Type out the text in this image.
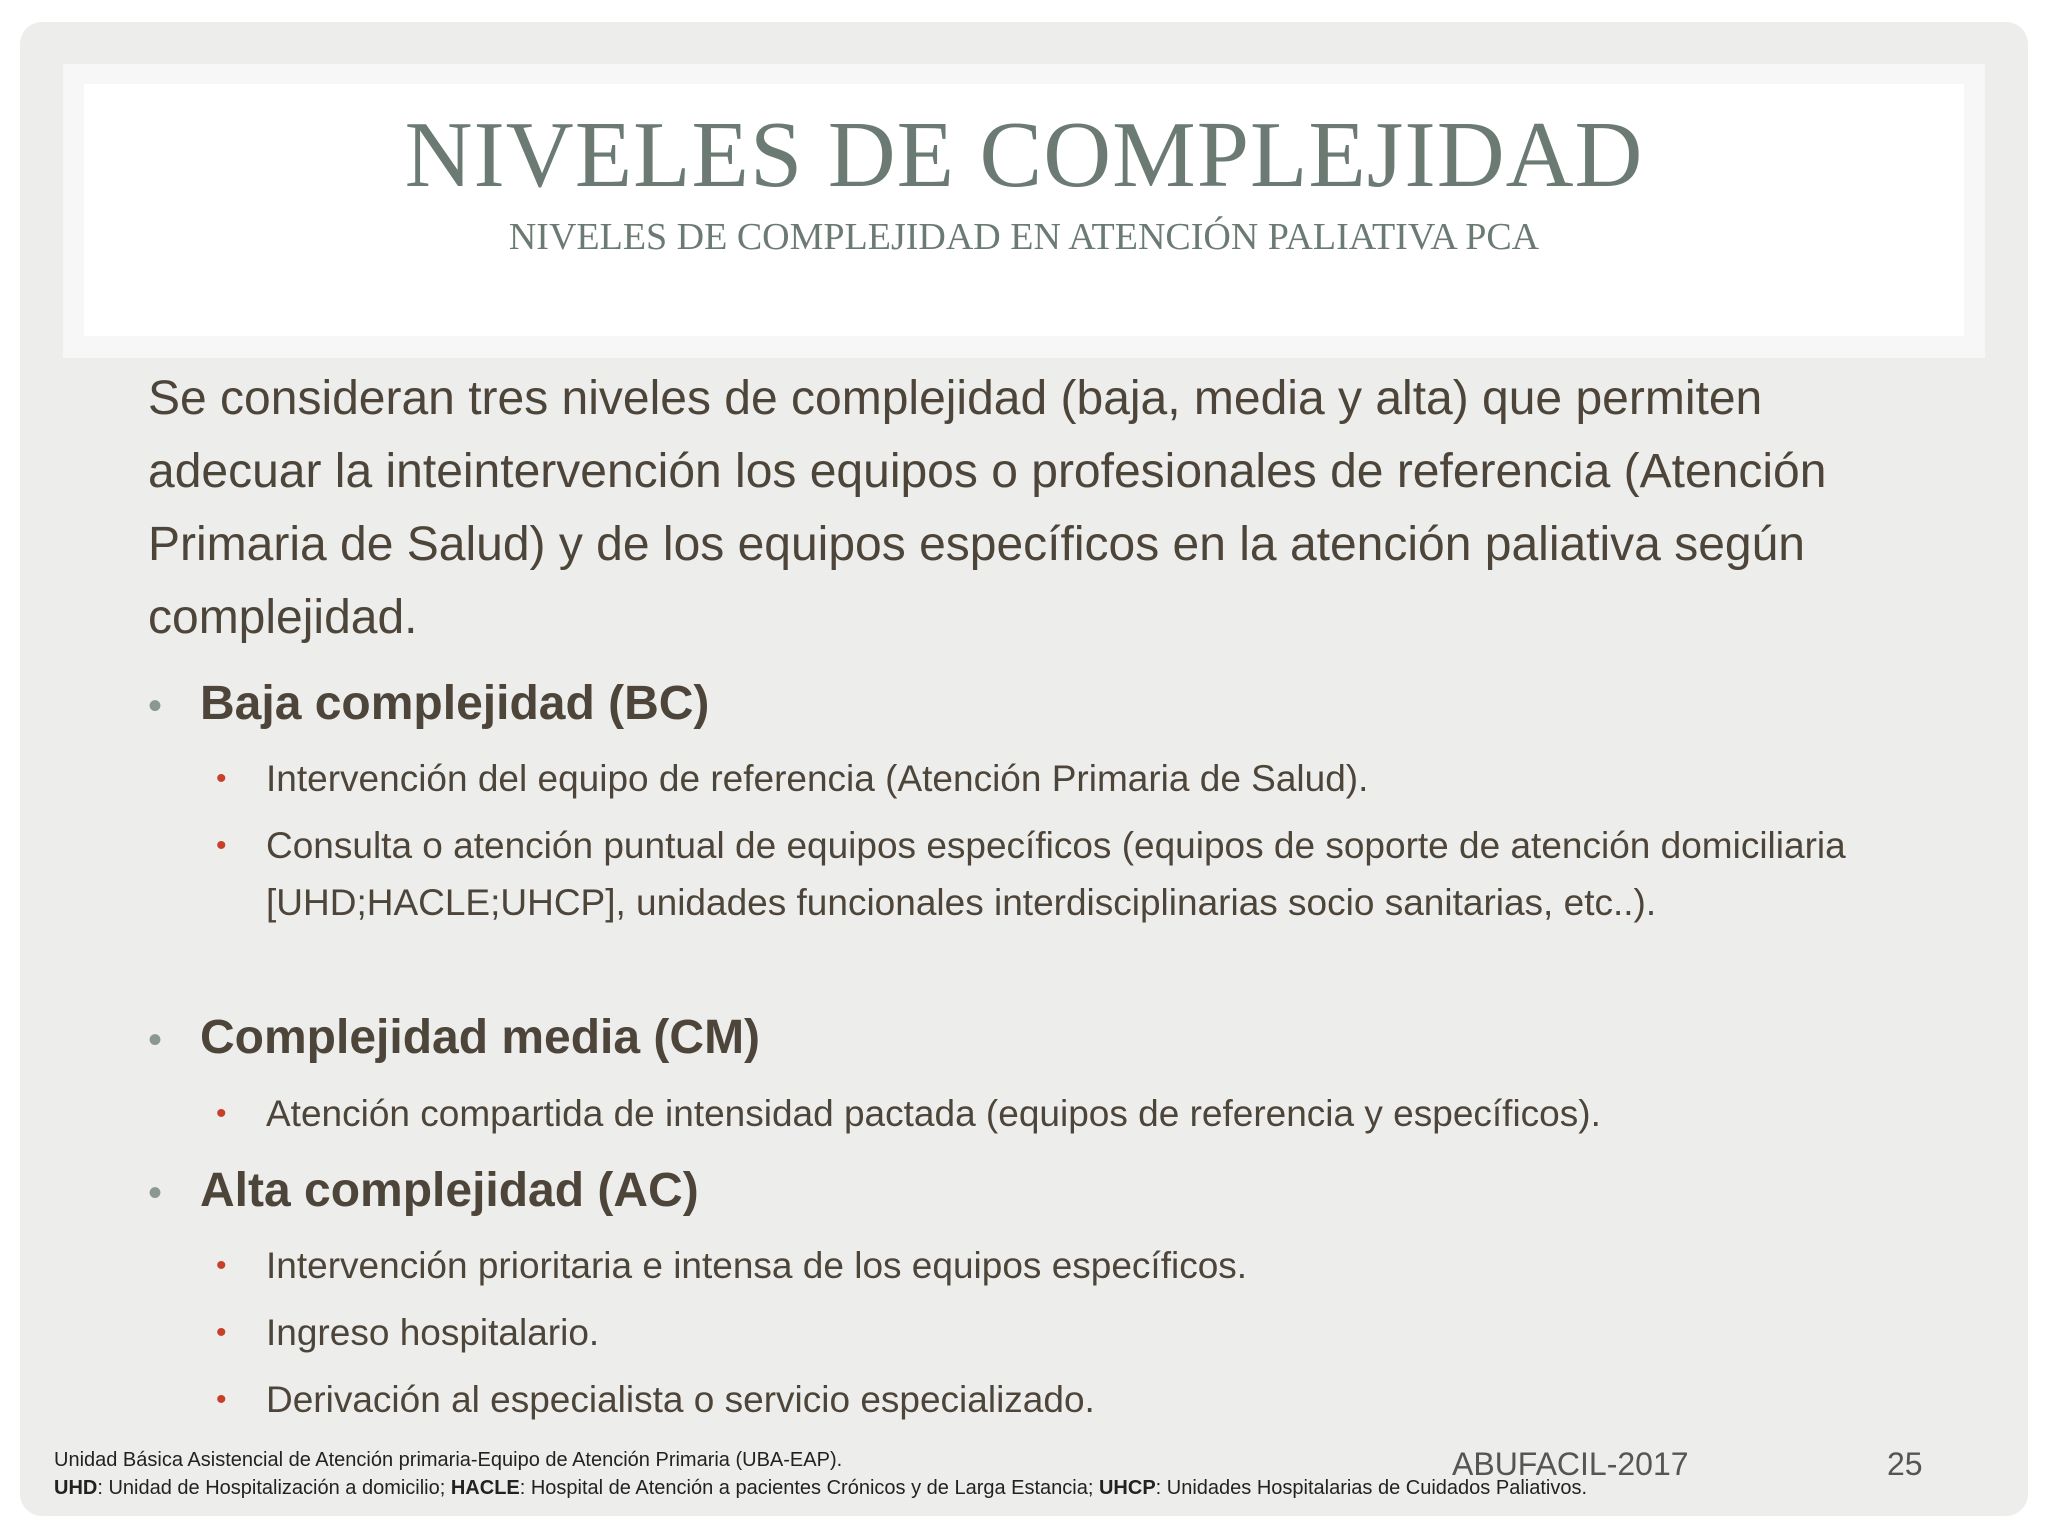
NIVELES DE COMPLEJIDAD
NIVELES DE COMPLEJIDAD EN ATENCIÓN PALIATIVA PCA

Se consideran tres niveles de complejidad (baja, media y alta) que permiten adecuar la inteintervención los equipos o profesionales de referencia (Atención Primaria de Salud) y de los equipos específicos en la atención paliativa según complejidad.

• Baja complejidad (BC)
•	Intervención del equipo de referencia (Atención Primaria de Salud).
•	Consulta o atención puntual de equipos específicos (equipos de soporte de atención domiciliaria [UHD;HACLE;UHCP], unidades funcionales interdisciplinarias socio sanitarias, etc..).
• Complejidad media (CM)
•	Atención compartida de intensidad pactada (equipos de referencia y específicos).
• Alta complejidad (AC)
•	Intervención prioritaria e intensa de los equipos específicos.
•	Ingreso hospitalario.
•	Derivación al especialista o servicio especializado.
Unidad Básica Asistencial de Atención primaria-Equipo de Atención Primaria (UBA-EAP).
UHD: Unidad de Hospitalización a domicilio; HACLE: Hospital de Atención a pacientes Crónicos y de Larga Estancia; UHCP: Unidades Hospitalarias de Cuidados Paliativos.
ABUFACIL-2017	25
